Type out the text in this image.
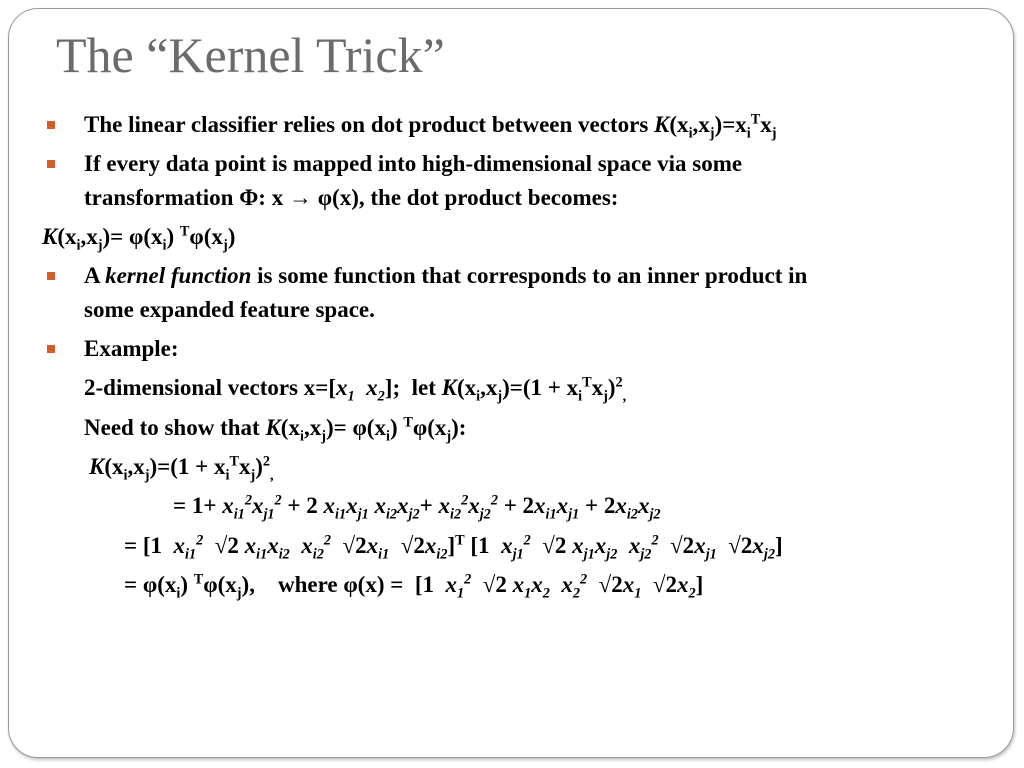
The “Kernel Trick”
The linear classifier relies on dot product between vectors $K(x_i,x_j)=x_i^Tx_j$
If every data point is mapped into high-dimensional space via some
transformation Φ: x → φ(x), the dot product becomes:
$K(x_i,x_j)= \varphi(x_i)$ $^T\varphi(x_j)$
A kernel function is some function that corresponds to an inner product in
some expanded feature space.
Example:
2-dimensional vectors $x=[x_1$ $x_2$];  let $K(x_i,x_j)=(1 + x_i^Tx_j)^2_,$
Need to show that $K(x_i,x_j)= \varphi(x_i)$ $^T\varphi(x_j)$:
$K(x_i,x_j)=(1 + x_i^Tx_j)^2_,$
= $1+ x_{i1}^2x_{j1}^2 + 2$ $x_{i1}x_{j1}$ $x_{i2}x_{j2}+ x_{i2}^2x_{j2}^2 + 2x_{i1}x_{j1} + 2x_{i2}x_{j2}$
= [1  $x_{i1}^2$  √2 $x_{i1}x_{i2}$ $x_{i2}^2$  $√2x_{i1}$  $√2x_{i2}]^T$ [1  $x_{j1}^2$  √2 $x_{j1}x_{j2}$ $x_{j2}^2$  $√2x_{j1}$  $√2x_{j2}$]
= $\varphi(x_i)$ $^T\varphi(x_j)$,    where φ(x) =  [1  $x_1^2$  √2 $x_1x_2$ $x_2^2$  $√2x_1$  $√2x_2$]
